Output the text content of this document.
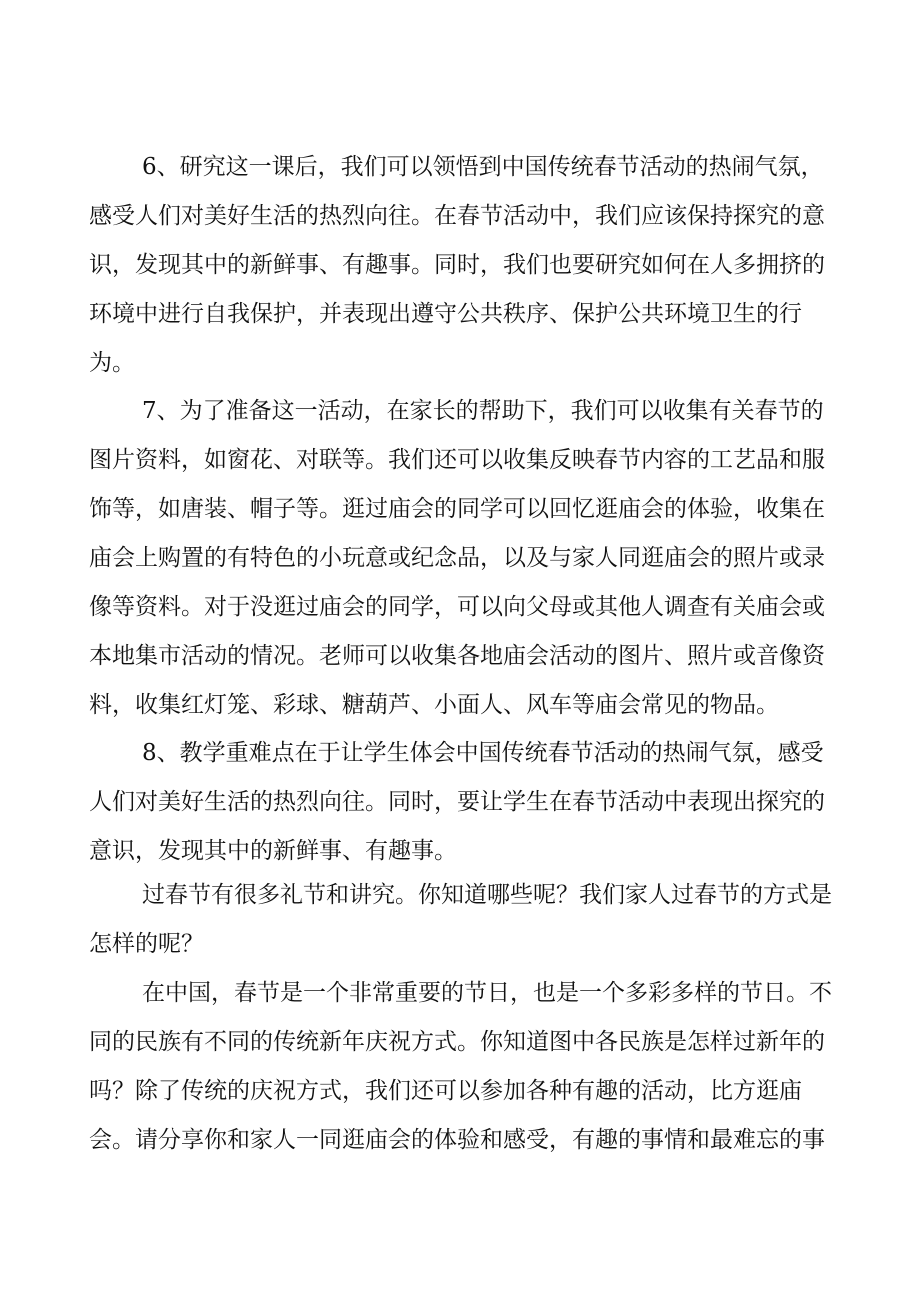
6、研究这一课后，我们可以领悟到中国传统春节活动的热闹气氛，
感受人们对美好生活的热烈向往。在春节活动中，我们应该保持探究的意
识，发现其中的新鲜事、有趣事。同时，我们也要研究如何在人多拥挤的
环境中进行自我保护，并表现出遵守公共秩序、保护公共环境卫生的行
为。
7、为了准备这一活动，在家长的帮助下，我们可以收集有关春节的
图片资料，如窗花、对联等。我们还可以收集反映春节内容的工艺品和服
饰等，如唐装、帽子等。逛过庙会的同学可以回忆逛庙会的体验，收集在
庙会上购置的有特色的小玩意或纪念品，以及与家人同逛庙会的照片或录
像等资料。对于没逛过庙会的同学，可以向父母或其他人调查有关庙会或
本地集市活动的情况。老师可以收集各地庙会活动的图片、照片或音像资
料，收集红灯笼、彩球、糖葫芦、小面人、风车等庙会常见的物品。
8、教学重难点在于让学生体会中国传统春节活动的热闹气氛，感受
人们对美好生活的热烈向往。同时，要让学生在春节活动中表现出探究的
意识，发现其中的新鲜事、有趣事。
过春节有很多礼节和讲究。你知道哪些呢？我们家人过春节的方式是
怎样的呢？
在中国，春节是一个非常重要的节日，也是一个多彩多样的节日。不
同的民族有不同的传统新年庆祝方式。你知道图中各民族是怎样过新年的
吗？除了传统的庆祝方式，我们还可以参加各种有趣的活动，比方逛庙
会。请分享你和家人一同逛庙会的体验和感受，有趣的事情和最难忘的事
